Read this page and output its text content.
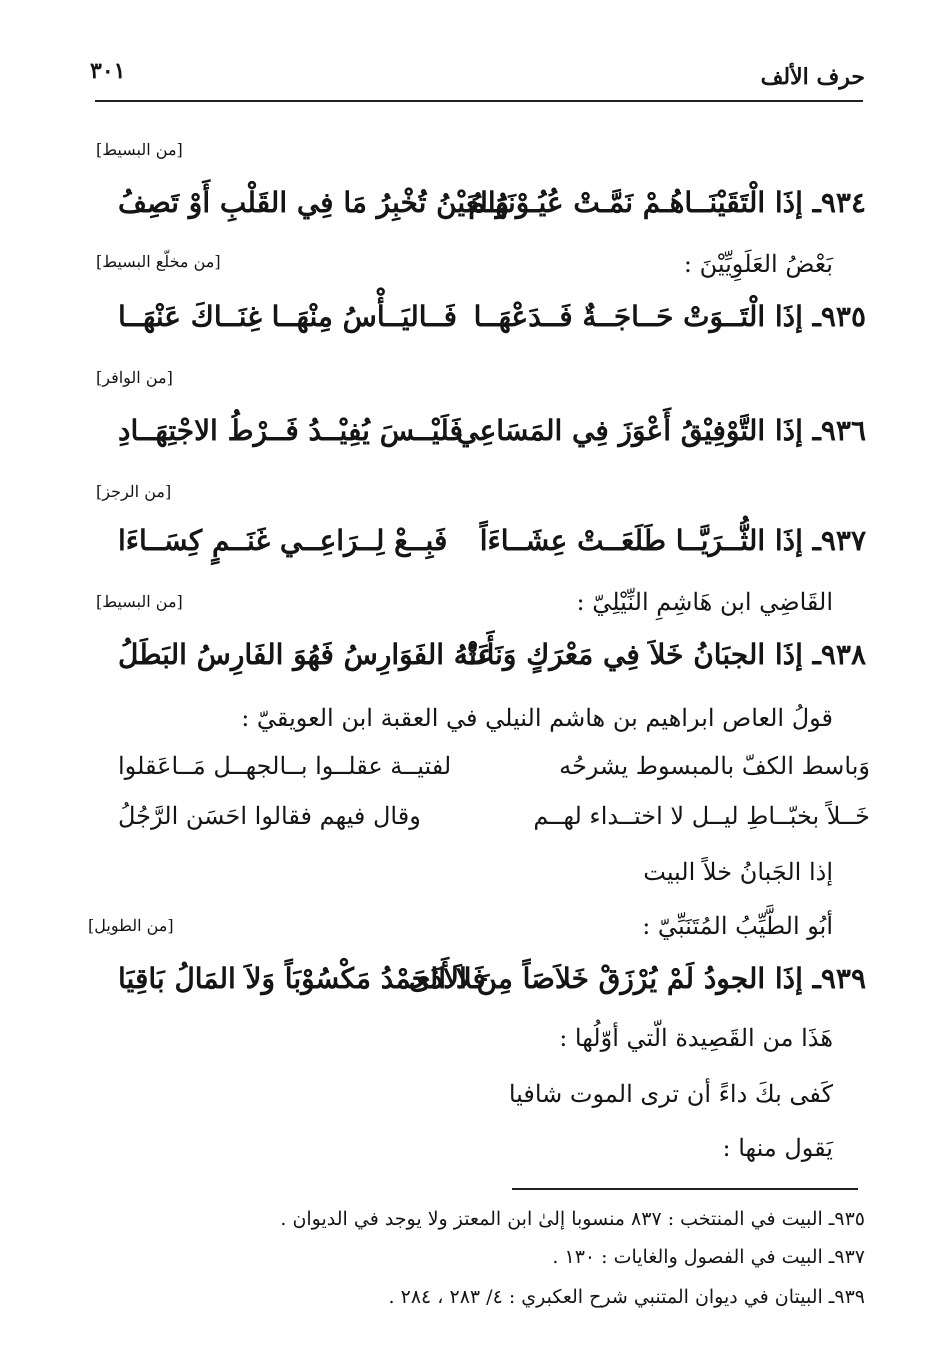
٣٠١	حرف الألف
[من البسيط]
٩٣٤ـ إذَا الْتَقَيْنَــاهُـمْ نَمَّـتْ عُيُـوْنَهُـمُ
وَالعَيْنُ تُخْبِرُ مَا فِي القَلْبِ أَوْ تَصِفُ
بَعْضُ العَلَوِيِّيْنَ :
[من مخلّع البسيط]
٩٣٥ـ إذَا الْتَــوَتْ حَــاجَــةٌ فَــدَعْهَــا
فَــاليَــأْسُ مِنْهَــا غِنَــاكَ عَنْهَــا
[من الوافر]
٩٣٦ـ إذَا التَّوْفِيْقُ أَعْوَزَ فِي المَسَاعِي
فَلَيْــسَ يُفِيْــدُ فَــرْطُ الاجْتِهَــادِ
[من الرجز]
٩٣٧ـ إذَا الثُّــرَيَّــا طَلَعَــتْ عِشَــاءَاً
فَبِــعْ لِــرَاعِــي غَنَــمٍ كِسَــاءَا
القَاضِي ابن هَاشِمِ النِّيْلِيّ :
[من البسيط]
٩٣٨ـ إذَا الجبَانُ خَلاَ فِي مَعْرَكٍ وَنَأَتْ
عَنْهُ الفَوَارِسُ فَهُوَ الفَارِسُ البَطَلُ
قولُ العاص ابراهيم بن هاشم النيلي في العقبة ابن العويقيّ :
وَباسط الكفّ بالمبسوط يشرحُه
لفتيــة عقلــوا بــالجهــل مَــاعَقلوا
خَــلاً بخبّــاطِ ليــل لا اختــداء لهــم
وقال فيهم فقالوا احَسَن الرَّجُلُ
إذا الجَبانُ خلاً البيت
أبُو الطَّيِّبُ المُتَنَبِّيّ :
[من الطويل]
٩٣٩ـ إذَا الجودُ لَمْ يُرْزَقْ خَلاَصَاً مِنَ الأَذَى
فَلاَ الحَمْدُ مَكْسُوْبَاً وَلاَ المَالُ بَاقِيَا
هَذَا من القَصِيدة الّتي أوّلُها :
كَفى بكَ داءً أن ترى الموت شافيا
يَقول منها :
٩٣٥ـ البيت في المنتخب : ٨٣٧ منسوبا إلىٰ ابن المعتز ولا يوجد في الديوان .
٩٣٧ـ البيت في الفصول والغايات : ١٣٠ .
٩٣٩ـ البيتان في ديوان المتنبي شرح العكبري : ٤/ ٢٨٣ ، ٢٨٤ .
